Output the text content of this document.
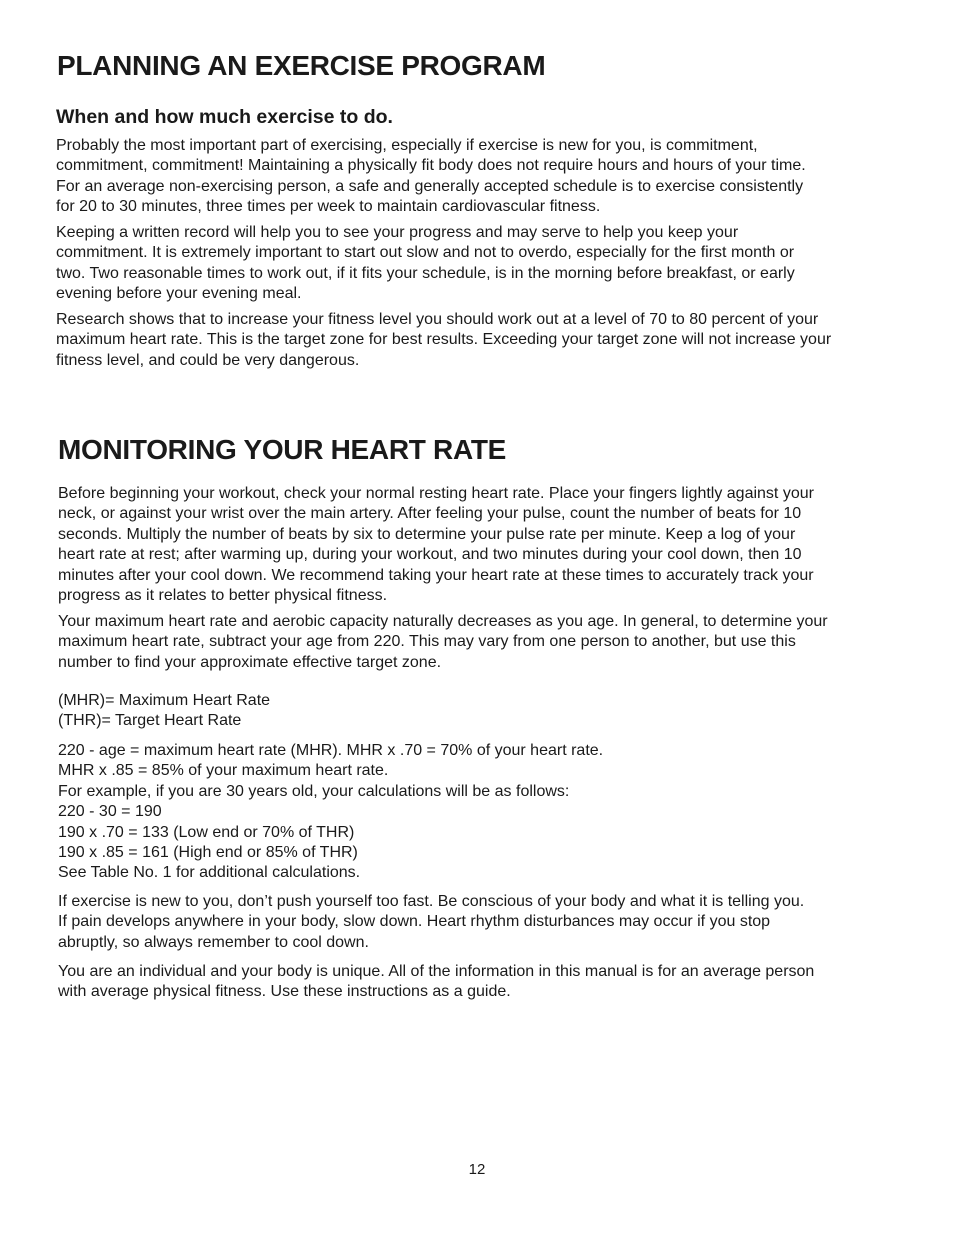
PLANNING AN EXERCISE PROGRAM
When and how much exercise to do.

Probably the most important part of exercising, especially if exercise is new for you, is commitment,
commitment, commitment! Maintaining a physically fit body does not require hours and hours of your time.
For an average non-exercising person, a safe and generally accepted schedule is to exercise consistently
for 20 to 30 minutes, three times per week to maintain cardiovascular fitness.

Keeping a written record will help you to see your progress and may serve to help you keep your
commitment. It is extremely important to start out slow and not to overdo, especially for the first month or
two. Two reasonable times to work out, if it fits your schedule, is in the morning before breakfast, or early
evening before your evening meal.

Research shows that to increase your fitness level you should work out at a level of 70 to 80 percent of your
maximum heart rate. This is the target zone for best results. Exceeding your target zone will not increase your
fitness level, and could be very dangerous.

MONITORING YOUR HEART RATE

Before beginning your workout, check your normal resting heart rate. Place your fingers lightly against your
neck, or against your wrist over the main artery. After feeling your pulse, count the number of beats for 10
seconds. Multiply the number of beats by six to determine your pulse rate per minute. Keep a log of your
heart rate at rest; after warming up, during your workout, and two minutes during your cool down, then 10
minutes after your cool down. We recommend taking your heart rate at these times to accurately track your
progress as it relates to better physical fitness.

Your maximum heart rate and aerobic capacity naturally decreases as you age. In general, to determine your
maximum heart rate, subtract your age from 220. This may vary from one person to another, but use this
number to find your approximate effective target zone.

(MHR)= Maximum Heart Rate
(THR)= Target Heart Rate

220 - age = maximum heart rate (MHR). MHR x .70 = 70% of your heart rate.
MHR x .85 = 85% of your maximum heart rate.
For example, if you are 30 years old, your calculations will be as follows:
220 - 30 = 190
190 x .70 = 133 (Low end or 70% of THR)
190 x .85 = 161 (High end or 85% of THR)
See Table No. 1 for additional calculations.

If exercise is new to you, don’t push yourself too fast. Be conscious of your body and what it is telling you.
If pain develops anywhere in your body, slow down. Heart rhythm disturbances may occur if you stop
abruptly, so always remember to cool down.

You are an individual and your body is unique. All of the information in this manual is for an average person
with average physical fitness. Use these instructions as a guide.

12
